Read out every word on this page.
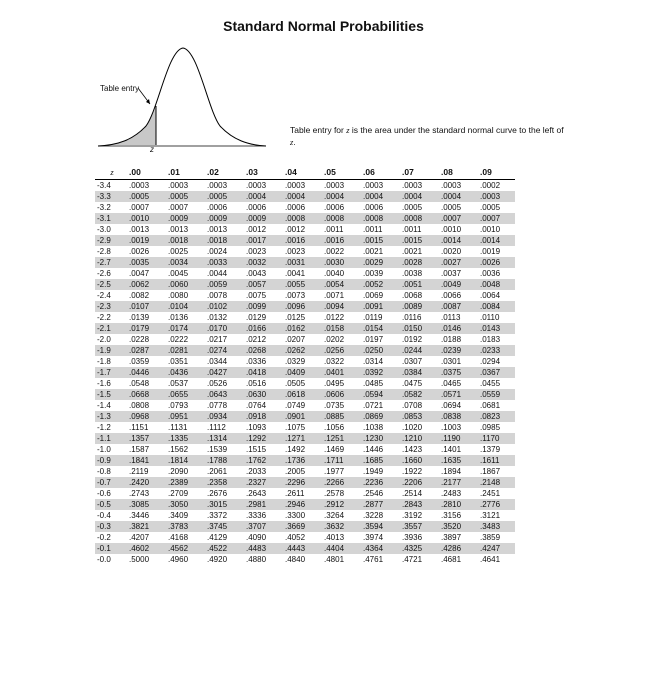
Standard Normal Probabilities
Table entry
z
Table entry for z is the area under the standard normal curve to the left of z.
z	.00	.01	.02	.03	.04	.05	.06	.07	.08	.09
-3.4	.0003	.0003	.0003	.0003	.0003	.0003	.0003	.0003	.0003	.0002
-3.3	.0005	.0005	.0005	.0004	.0004	.0004	.0004	.0004	.0004	.0003
-3.2	.0007	.0007	.0006	.0006	.0006	.0006	.0006	.0005	.0005	.0005
-3.1	.0010	.0009	.0009	.0009	.0008	.0008	.0008	.0008	.0007	.0007
-3.0	.0013	.0013	.0013	.0012	.0012	.0011	.0011	.0011	.0010	.0010
-2.9	.0019	.0018	.0018	.0017	.0016	.0016	.0015	.0015	.0014	.0014
-2.8	.0026	.0025	.0024	.0023	.0023	.0022	.0021	.0021	.0020	.0019
-2.7	.0035	.0034	.0033	.0032	.0031	.0030	.0029	.0028	.0027	.0026
-2.6	.0047	.0045	.0044	.0043	.0041	.0040	.0039	.0038	.0037	.0036
-2.5	.0062	.0060	.0059	.0057	.0055	.0054	.0052	.0051	.0049	.0048
-2.4	.0082	.0080	.0078	.0075	.0073	.0071	.0069	.0068	.0066	.0064
-2.3	.0107	.0104	.0102	.0099	.0096	.0094	.0091	.0089	.0087	.0084
-2.2	.0139	.0136	.0132	.0129	.0125	.0122	.0119	.0116	.0113	.0110
-2.1	.0179	.0174	.0170	.0166	.0162	.0158	.0154	.0150	.0146	.0143
-2.0	.0228	.0222	.0217	.0212	.0207	.0202	.0197	.0192	.0188	.0183
-1.9	.0287	.0281	.0274	.0268	.0262	.0256	.0250	.0244	.0239	.0233
-1.8	.0359	.0351	.0344	.0336	.0329	.0322	.0314	.0307	.0301	.0294
-1.7	.0446	.0436	.0427	.0418	.0409	.0401	.0392	.0384	.0375	.0367
-1.6	.0548	.0537	.0526	.0516	.0505	.0495	.0485	.0475	.0465	.0455
-1.5	.0668	.0655	.0643	.0630	.0618	.0606	.0594	.0582	.0571	.0559
-1.4	.0808	.0793	.0778	.0764	.0749	.0735	.0721	.0708	.0694	.0681
-1.3	.0968	.0951	.0934	.0918	.0901	.0885	.0869	.0853	.0838	.0823
-1.2	.1151	.1131	.1112	.1093	.1075	.1056	.1038	.1020	.1003	.0985
-1.1	.1357	.1335	.1314	.1292	.1271	.1251	.1230	.1210	.1190	.1170
-1.0	.1587	.1562	.1539	.1515	.1492	.1469	.1446	.1423	.1401	.1379
-0.9	.1841	.1814	.1788	.1762	.1736	.1711	.1685	.1660	.1635	.1611
-0.8	.2119	.2090	.2061	.2033	.2005	.1977	.1949	.1922	.1894	.1867
-0.7	.2420	.2389	.2358	.2327	.2296	.2266	.2236	.2206	.2177	.2148
-0.6	.2743	.2709	.2676	.2643	.2611	.2578	.2546	.2514	.2483	.2451
-0.5	.3085	.3050	.3015	.2981	.2946	.2912	.2877	.2843	.2810	.2776
-0.4	.3446	.3409	.3372	.3336	.3300	.3264	.3228	.3192	.3156	.3121
-0.3	.3821	.3783	.3745	.3707	.3669	.3632	.3594	.3557	.3520	.3483
-0.2	.4207	.4168	.4129	.4090	.4052	.4013	.3974	.3936	.3897	.3859
-0.1	.4602	.4562	.4522	.4483	.4443	.4404	.4364	.4325	.4286	.4247
-0.0	.5000	.4960	.4920	.4880	.4840	.4801	.4761	.4721	.4681	.4641
